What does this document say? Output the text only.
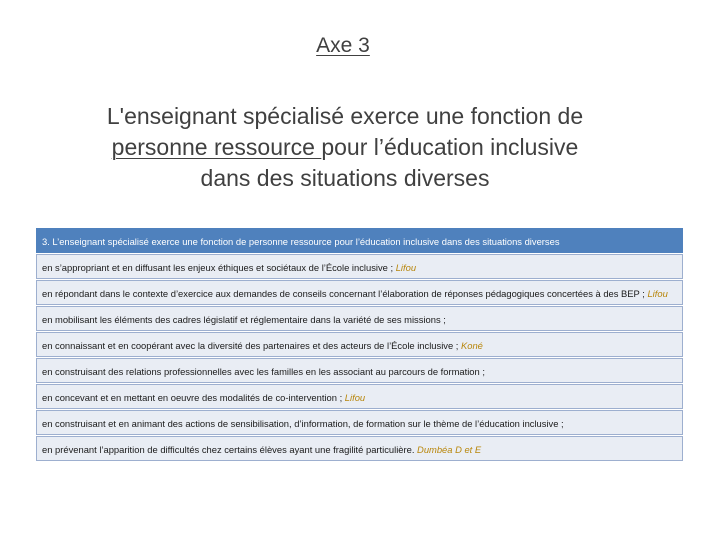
Axe 3
L'enseignant spécialisé exerce une fonction de
personne ressource pour l’éducation inclusive
dans des situations diverses
3. L’enseignant spécialisé exerce une fonction de personne ressource pour l’éducation inclusive dans des situations diverses
en s’appropriant et en diffusant les enjeux éthiques et sociétaux de l’École inclusive ; Lifou
en répondant dans le contexte d’exercice aux demandes de conseils concernant l’élaboration de réponses pédagogiques concertées à des BEP ; Lifou
en mobilisant les éléments des cadres législatif et réglementaire dans la variété de ses missions ;
en connaissant et en coopérant avec la diversité des partenaires et des acteurs de l’École inclusive ; Koné
en construisant des relations professionnelles avec les familles en les associant au parcours de formation ;
en concevant et en mettant en oeuvre des modalités de co-intervention ; Lifou
en construisant et en animant des actions de sensibilisation, d’information, de formation sur le thème de l’éducation inclusive ;
en prévenant l’apparition de difficultés chez certains élèves ayant une fragilité particulière. Dumbéa D et E
